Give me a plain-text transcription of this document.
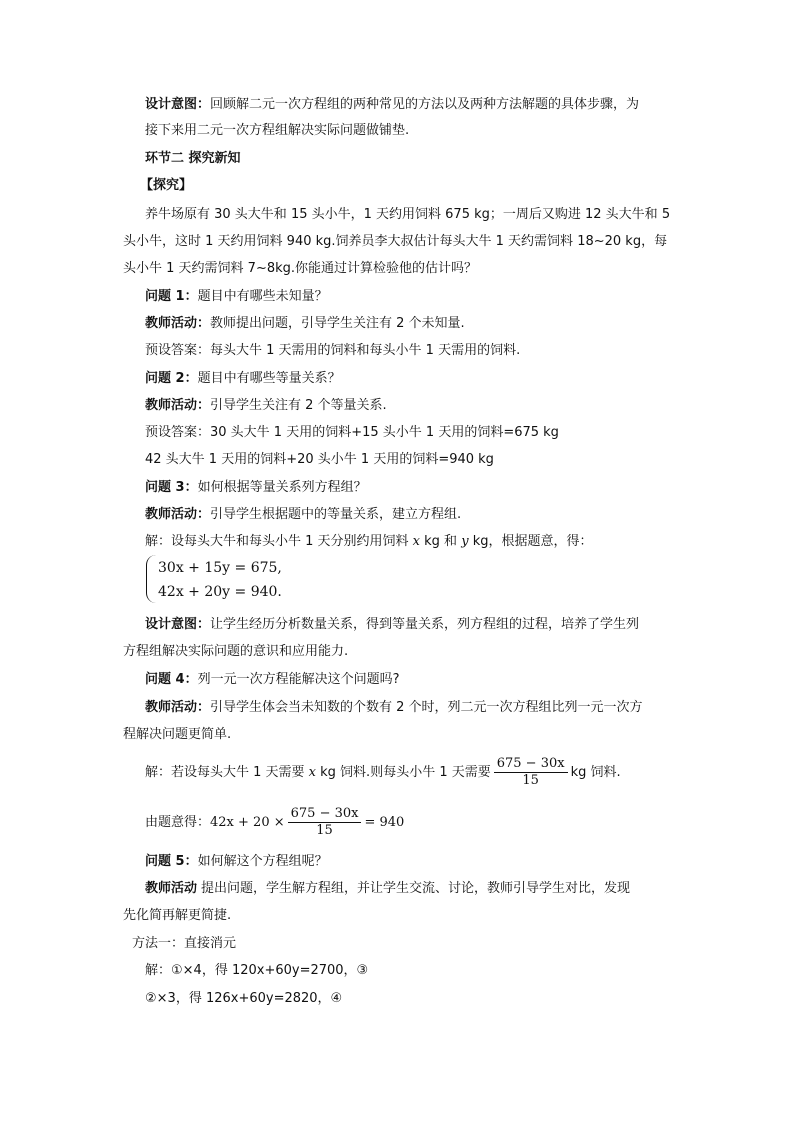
设计意图：回顾解二元一次方程组的两种常见的方法以及两种方法解题的具体步骤，为
接下来用二元一次方程组解决实际问题做铺垫.
环节二 探究新知
【探究】
养牛场原有 30 头大牛和 15 头小牛，1 天约用饲料 675 kg；一周后又购进 12 头大牛和 5
头小牛，这时 1 天约用饲料 940 kg.饲养员李大叔估计每头大牛 1 天约需饲料 18~20 kg，每
头小牛 1 天约需饲料 7~8kg.你能通过计算检验他的估计吗？
问题 1：题目中有哪些未知量？
教师活动：教师提出问题，引导学生关注有 2 个未知量.
预设答案：每头大牛 1 天需用的饲料和每头小牛 1 天需用的饲料.
问题 2：题目中有哪些等量关系？
教师活动：引导学生关注有 2 个等量关系.
预设答案：30 头大牛 1 天用的饲料+15 头小牛 1 天用的饲料=675 kg
42 头大牛 1 天用的饲料+20 头小牛 1 天用的饲料=940 kg
问题 3：如何根据等量关系列方程组？
教师活动：引导学生根据题中的等量关系，建立方程组.
解：设每头大牛和每头小牛 1 天分别约用饲料 x kg 和 y kg，根据题意，得：
30x + 15y = 675,
42x + 20y = 940.
设计意图：让学生经历分析数量关系，得到等量关系，列方程组的过程，培养了学生列
方程组解决实际问题的意识和应用能力.
问题 4：列一元一次方程能解决这个问题吗?
教师活动：引导学生体会当未知数的个数有 2 个时，列二元一次方程组比列一元一次方
程解决问题更简单.
解：若设每头大牛 1 天需要 x kg 饲料.则每头小牛 1 天需要 $\frac{675 - 30x}{15}$ kg 饲料.
由题意得：$42x + 20 \times \frac{675 - 30x}{15} = 940$
问题 5：如何解这个方程组呢？
教师活动 提出问题，学生解方程组，并让学生交流、讨论，教师引导学生对比，发现
先化简再解更简捷.
方法一：直接消元
解：①×4，得 120x+60y=2700，③
②×3，得 126x+60y=2820，④
